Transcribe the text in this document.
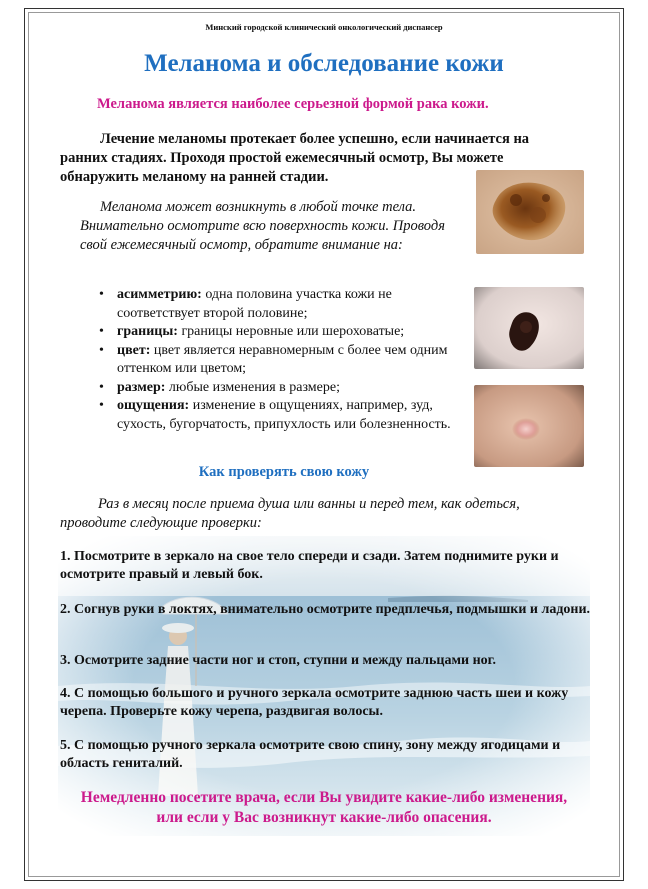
Минский городской клинический онкологический диспансер
Меланома и обследование кожи
Меланома является наиболее серьезной формой рака кожи.
Лечение меланомы протекает более успешно, если начинается на ранних стадиях. Проходя простой ежемесячный осмотр, Вы можете обнаружить меланому на ранней стадии.
Меланома может возникнуть в любой точке тела. Внимательно осмотрите всю поверхность кожи. Проводя свой ежемесячный осмотр, обратите внимание на:
• асимметрию: одна половина участка кожи не соответствует второй половине;
• границы: границы неровные или шероховатые;
• цвет: цвет является неравномерным с более чем одним оттенком или цветом;
• размер: любые изменения в размере;
• ощущения: изменение в ощущениях, например, зуд, сухость, бугорчатость, припухлость или болезненность.
Как проверять свою кожу
Раз в месяц после приема душа или ванны и перед тем, как одеться, проводите следующие проверки:
1. Посмотрите в зеркало на свое тело спереди и сзади. Затем поднимите руки и осмотрите правый и левый бок.
2. Согнув руки в локтях, внимательно осмотрите предплечья, подмышки и ладони.
3. Осмотрите задние части ног и стоп, ступни и между пальцами ног.
4. С помощью большого и ручного зеркала осмотрите заднюю часть шеи и кожу черепа. Проверьте кожу черепа, раздвигая волосы.
5. С помощью ручного зеркала осмотрите свою спину, зону между ягодицами и область гениталий.
Немедленно посетите врача, если Вы увидите какие-либо изменения, или если у Вас возникнут какие-либо опасения.
